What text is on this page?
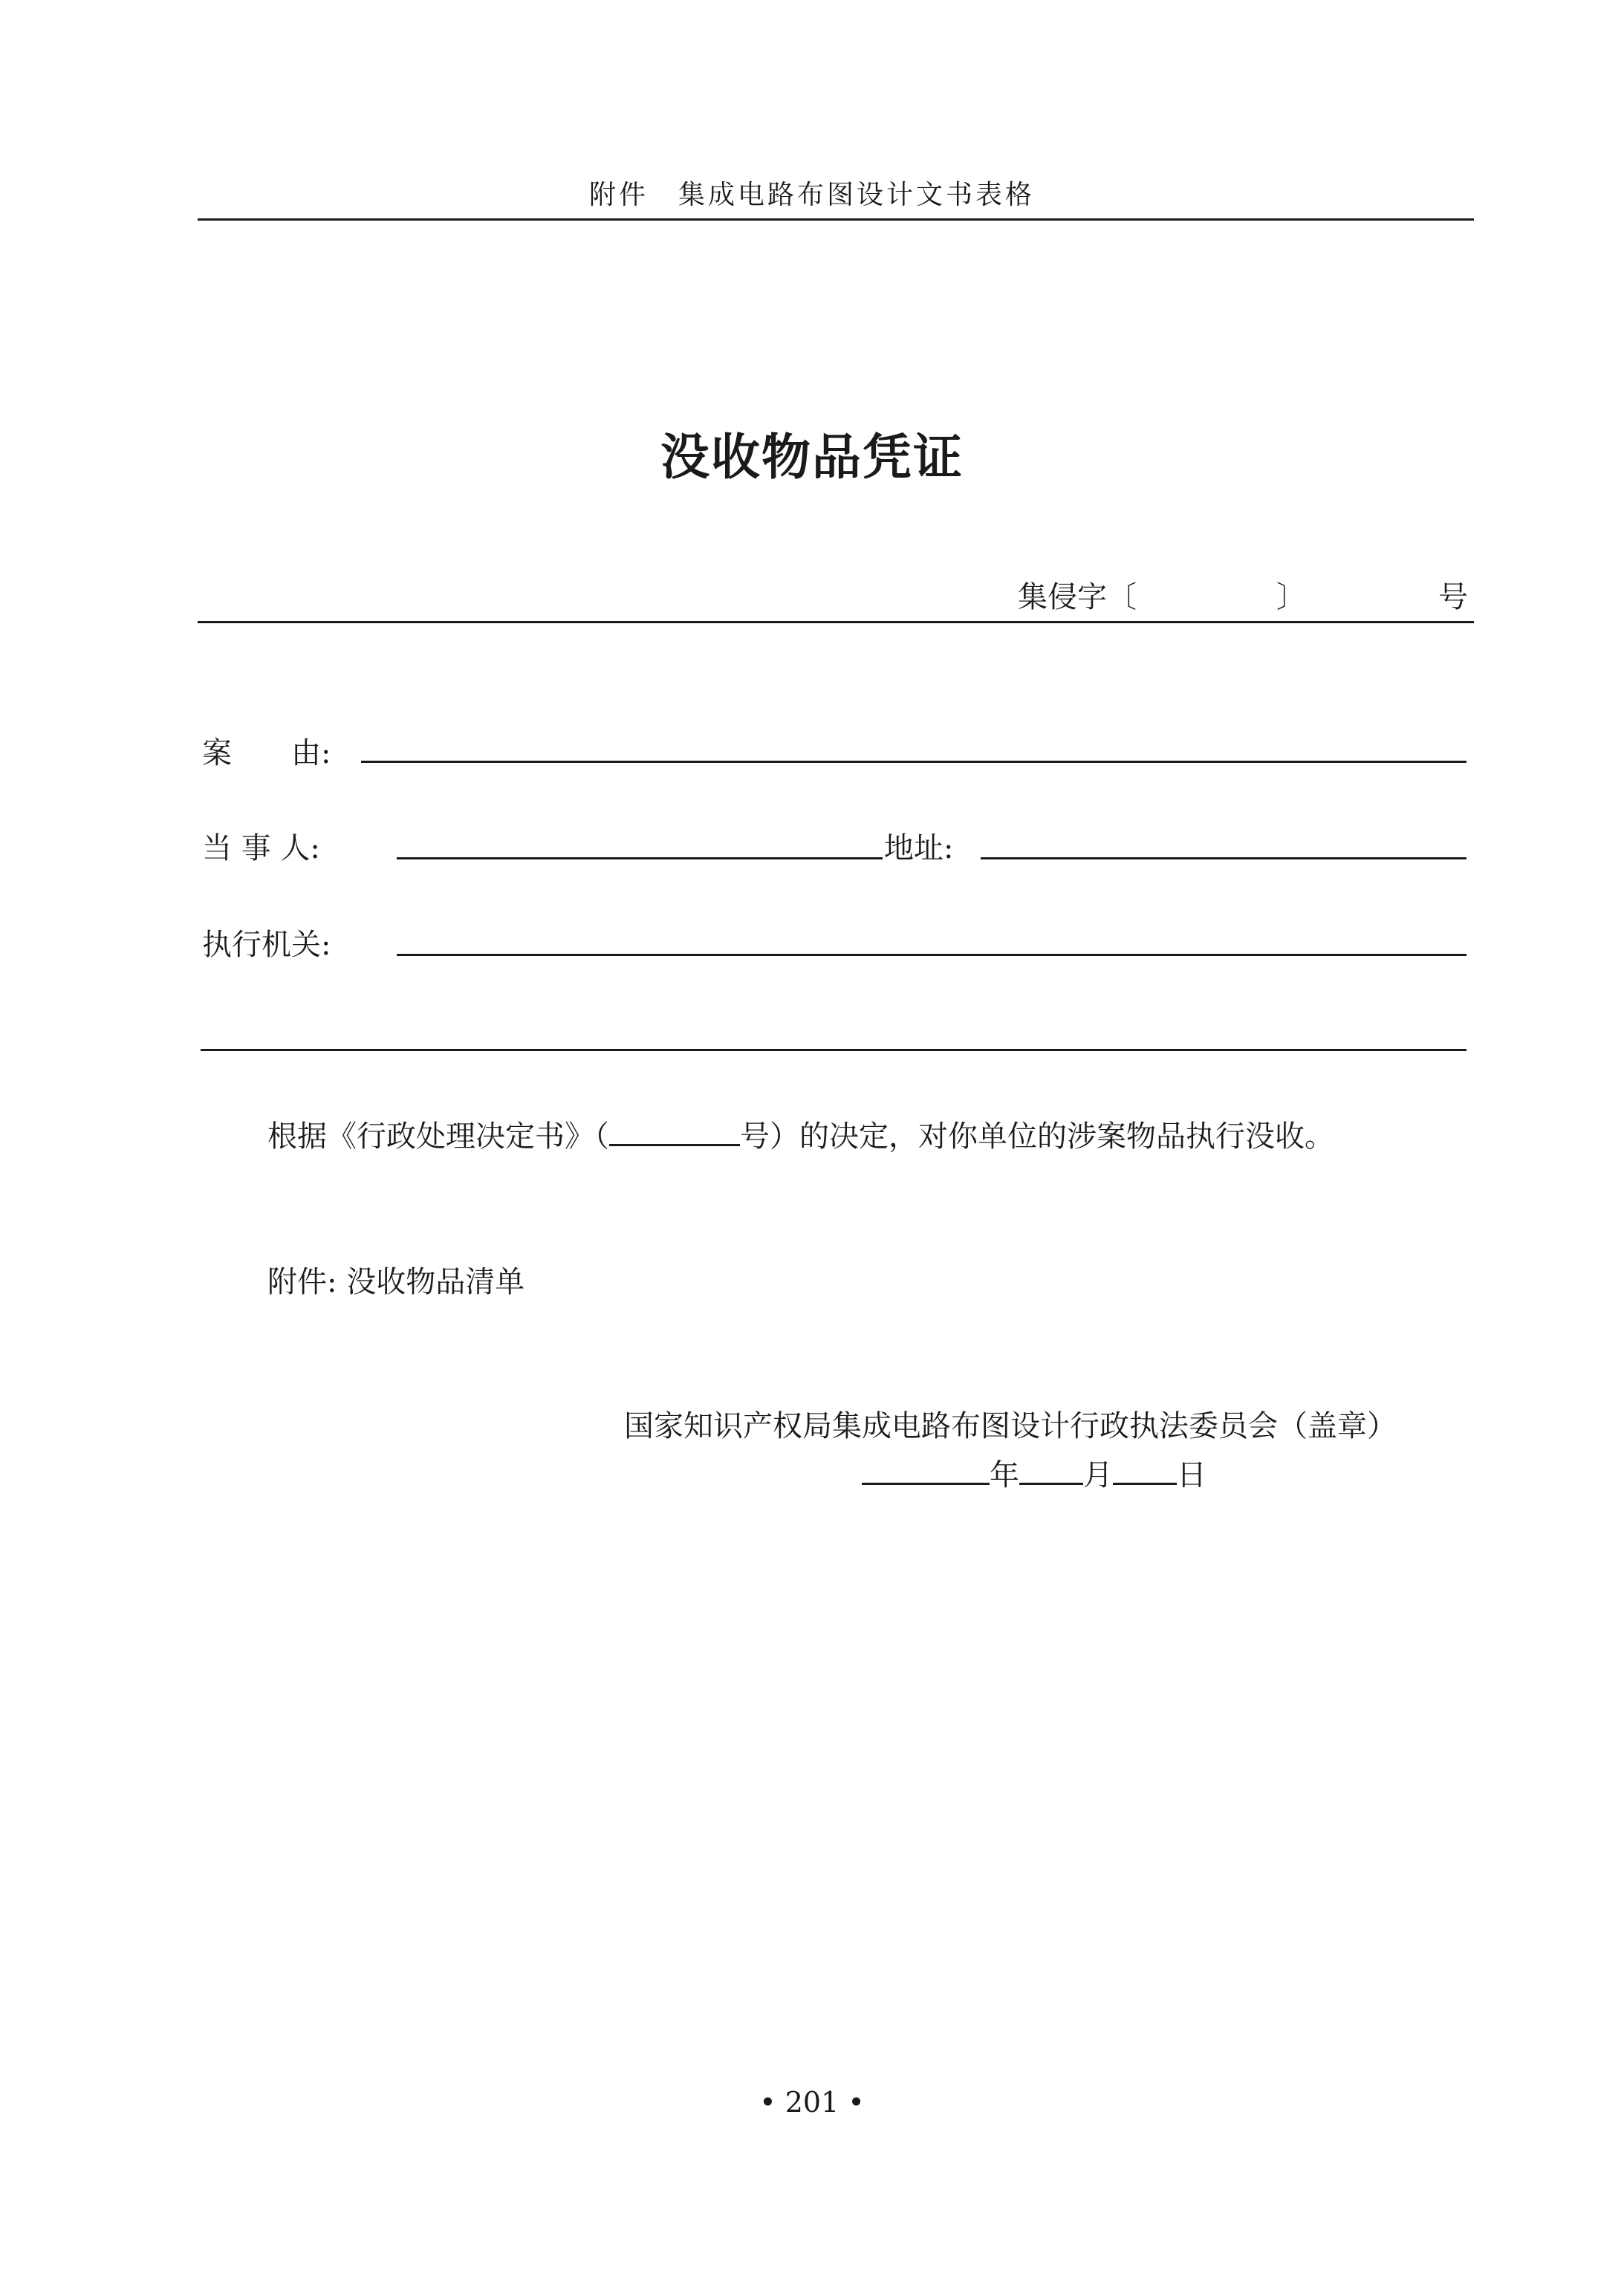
附件　集成电路布图设计文书表格
没收物品凭证
集侵字〔	〕	号
案　　由:
当 事 人:	地址:
执行机关:
根据《行政处理决定书》（	号）的决定，对你单位的涉案物品执行没收。
附件: 没收物品清单
国家知识产权局集成电路布图设计行政执法委员会（盖章）
年 月 日
• 201 •
